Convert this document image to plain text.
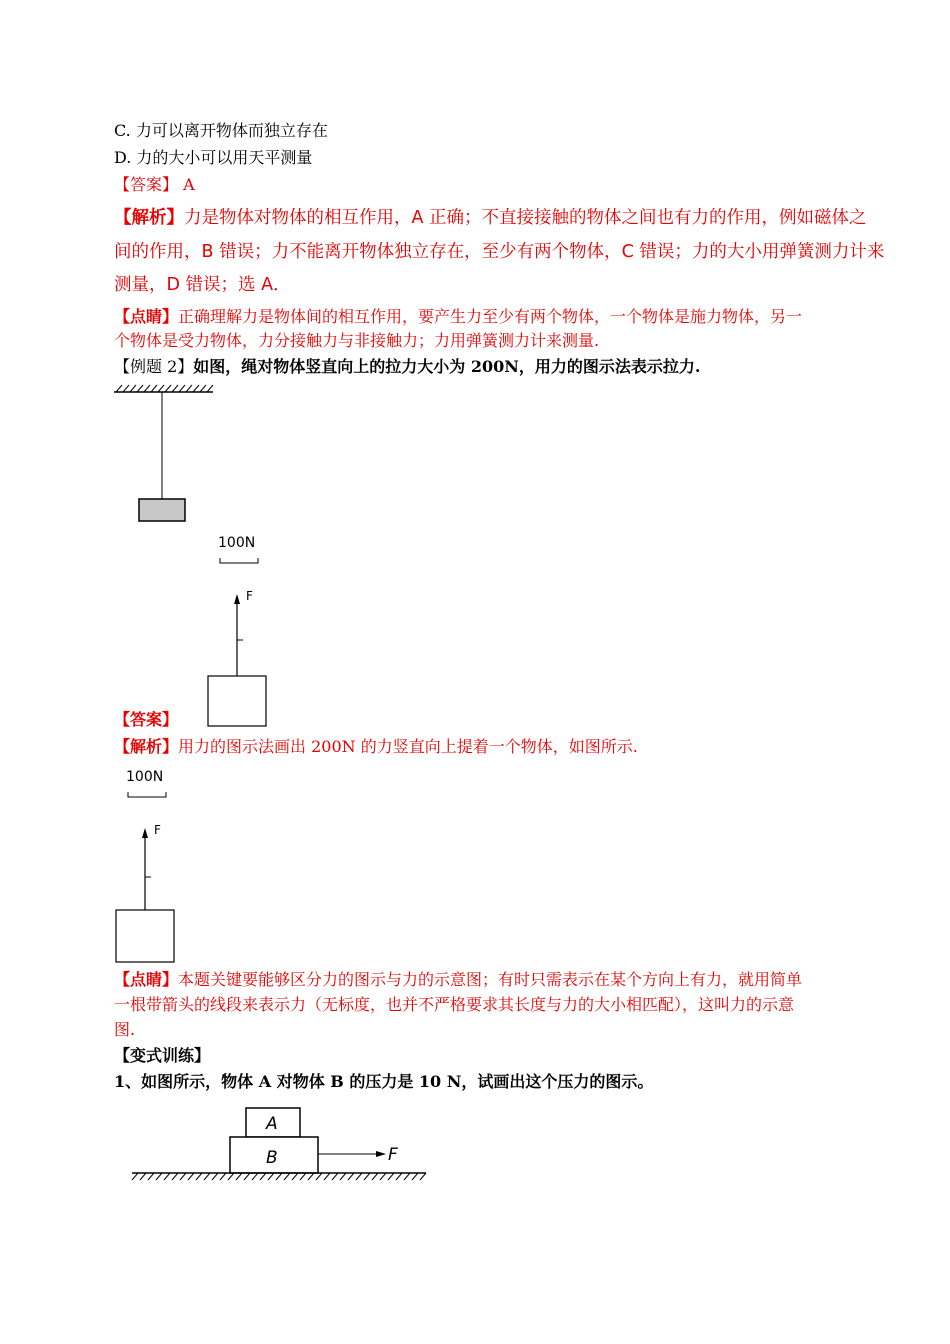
C. 力可以离开物体而独立存在
D. 力的大小可以用天平测量
【答案】 A
【解析】力是物体对物体的相互作用，A 正确；不直接接触的物体之间也有力的作用，例如磁体之
间的作用，B 错误；力不能离开物体独立存在，至少有两个物体，C 错误；力的大小用弹簧测力计来
测量，D 错误；选 A．
【点睛】正确理解力是物体间的相互作用，要产生力至少有两个物体，一个物体是施力物体，另一
个物体是受力物体，力分接触力与非接触力；力用弹簧测力计来测量.
【例题 2】如图，绳对物体竖直向上的拉力大小为 200N，用力的图示法表示拉力.
100N
F
【答案】
【解析】用力的图示法画出 200N 的力竖直向上提着一个物体，如图所示.
100N
F
【点睛】本题关键要能够区分力的图示与力的示意图；有时只需表示在某个方向上有力，就用简单
一根带箭头的线段来表示力（无标度，也并不严格要求其长度与力的大小相匹配），这叫力的示意
图.
【变式训练】
1、如图所示，物体 A 对物体 B 的压力是 10 N，试画出这个压力的图示。
A
B	F
